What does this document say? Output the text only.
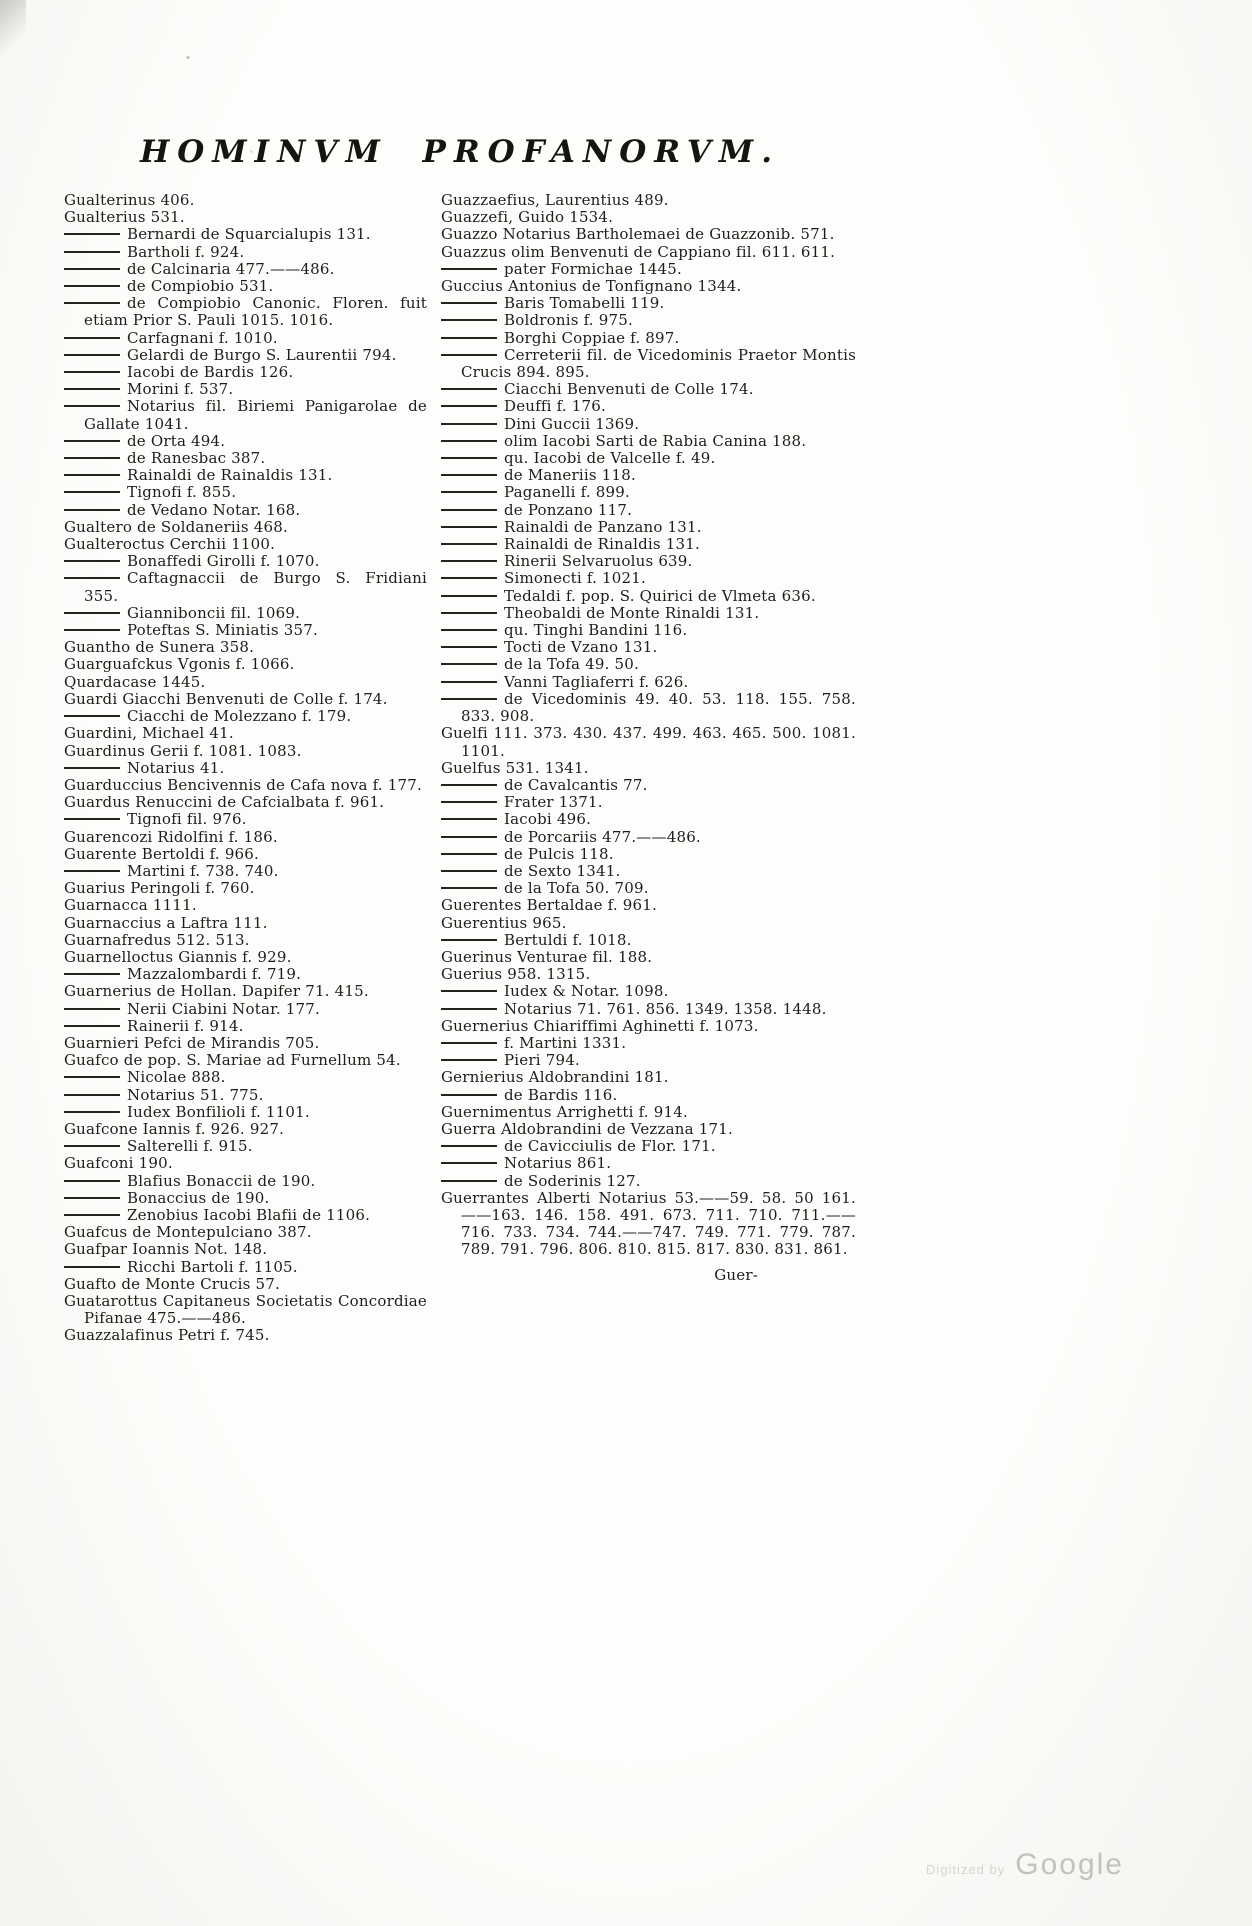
HOMINVM PROFANORVM.
Gualterinus 406.
Gualterius 531.
Bernardi de Squarcialupis 131.
Bartholi f. 924.
de Calcinaria 477.——486.
de Compiobio 531.
de Compiobio Canonic. Floren. fuit etiam Prior S. Pauli 1015. 1016.
Carfagnani f. 1010.
Gelardi de Burgo S. Laurentii 794.
Iacobi de Bardis 126.
Morini f. 537.
Notarius fil. Biriemi Panigarolae de Gallate 1041.
de Orta 494.
de Ranesbac 387.
Rainaldi de Rainaldis 131.
Tignofi f. 855.
de Vedano Notar. 168.
Gualtero de Soldaneriis 468.
Gualteroctus Cerchii 1100.
Bonaffedi Girolli f. 1070.
Caftagnaccii de Burgo S. Fridiani 355.
Gianniboncii fil. 1069.
Poteftas S. Miniatis 357.
Guantho de Sunera 358.
Guarguafckus Vgonis f. 1066.
Quardacase 1445.
Guardi Giacchi Benvenuti de Colle f. 174.
Ciacchi de Molezzano f. 179.
Guardini, Michael 41.
Guardinus Gerii f. 1081. 1083.
Notarius 41.
Guarduccius Bencivennis de Cafa nova f. 177.
Guardus Renuccini de Cafcialbata f. 961.
Tignofi fil. 976.
Guarencozi Ridolfini f. 186.
Guarente Bertoldi f. 966.
Martini f. 738. 740.
Guarius Peringoli f. 760.
Guarnacca 1111.
Guarnaccius a Laftra 111.
Guarnafredus 512. 513.
Guarnelloctus Giannis f. 929.
Mazzalombardi f. 719.
Guarnerius de Hollan. Dapifer 71. 415.
Nerii Ciabini Notar. 177.
Rainerii f. 914.
Guarnieri Pefci de Mirandis 705.
Guafco de pop. S. Mariae ad Furnellum 54.
Nicolae 888.
Notarius 51. 775.
Iudex Bonfilioli f. 1101.
Guafcone Iannis f. 926. 927.
Salterelli f. 915.
Guafconi 190.
Blafius Bonaccii de 190.
Bonaccius de 190.
Zenobius Iacobi Blafii de 1106.
Guafcus de Montepulciano 387.
Guafpar Ioannis Not. 148.
Ricchi Bartoli f. 1105.
Guafto de Monte Crucis 57.
Guatarottus Capitaneus Societatis Concordiae Pifanae 475.——486.
Guazzalafinus Petri f. 745.
Guazzaefius, Laurentius 489.
Guazzefi, Guido 1534.
Guazzo Notarius Bartholemaei de Guazzonib. 571.
Guazzus olim Benvenuti de Cappiano fil. 611. 611.
pater Formichae 1445.
Guccius Antonius de Tonfignano 1344.
Baris Tomabelli 119.
Boldronis f. 975.
Borghi Coppiae f. 897.
Cerreterii fil. de Vicedominis Praetor Montis Crucis 894. 895.
Ciacchi Benvenuti de Colle 174.
Deuffi f. 176.
Dini Guccii 1369.
olim Iacobi Sarti de Rabia Canina 188.
qu. Iacobi de Valcelle f. 49.
de Maneriis 118.
Paganelli f. 899.
de Ponzano 117.
Rainaldi de Panzano 131.
Rainaldi de Rinaldis 131.
Rinerii Selvaruolus 639.
Simonecti f. 1021.
Tedaldi f. pop. S. Quirici de Vlmeta 636.
Theobaldi de Monte Rinaldi 131.
qu. Tinghi Bandini 116.
Tocti de Vzano 131.
de la Tofa 49. 50.
Vanni Tagliaferri f. 626.
de Vicedominis 49. 40. 53. 118. 155. 758. 833. 908.
Guelfi 111. 373. 430. 437. 499. 463. 465. 500. 1081. 1101.
Guelfus 531. 1341.
de Cavalcantis 77.
Frater 1371.
Iacobi 496.
de Porcariis 477.——486.
de Pulcis 118.
de Sexto 1341.
de la Tofa 50. 709.
Guerentes Bertaldae f. 961.
Guerentius 965.
Bertuldi f. 1018.
Guerinus Venturae fil. 188.
Guerius 958. 1315.
Iudex & Notar. 1098.
Notarius 71. 761. 856. 1349. 1358. 1448.
Guernerius Chiariffimi Aghinetti f. 1073.
f. Martini 1331.
Pieri 794.
Gernierius Aldobrandini 181.
de Bardis 116.
Guernimentus Arrighetti f. 914.
Guerra Aldobrandini de Vezzana 171.
de Cavicciulis de Flor. 171.
Notarius 861.
de Soderinis 127.
Guerrantes Alberti Notarius 53.——59. 58. 50 161.——163. 146. 158. 491. 673. 711. 710. 711.——716. 733. 734. 744.——747. 749. 771. 779. 787. 789. 791. 796. 806. 810. 815. 817. 830. 831. 861.
Guer-
Digitized by Google
